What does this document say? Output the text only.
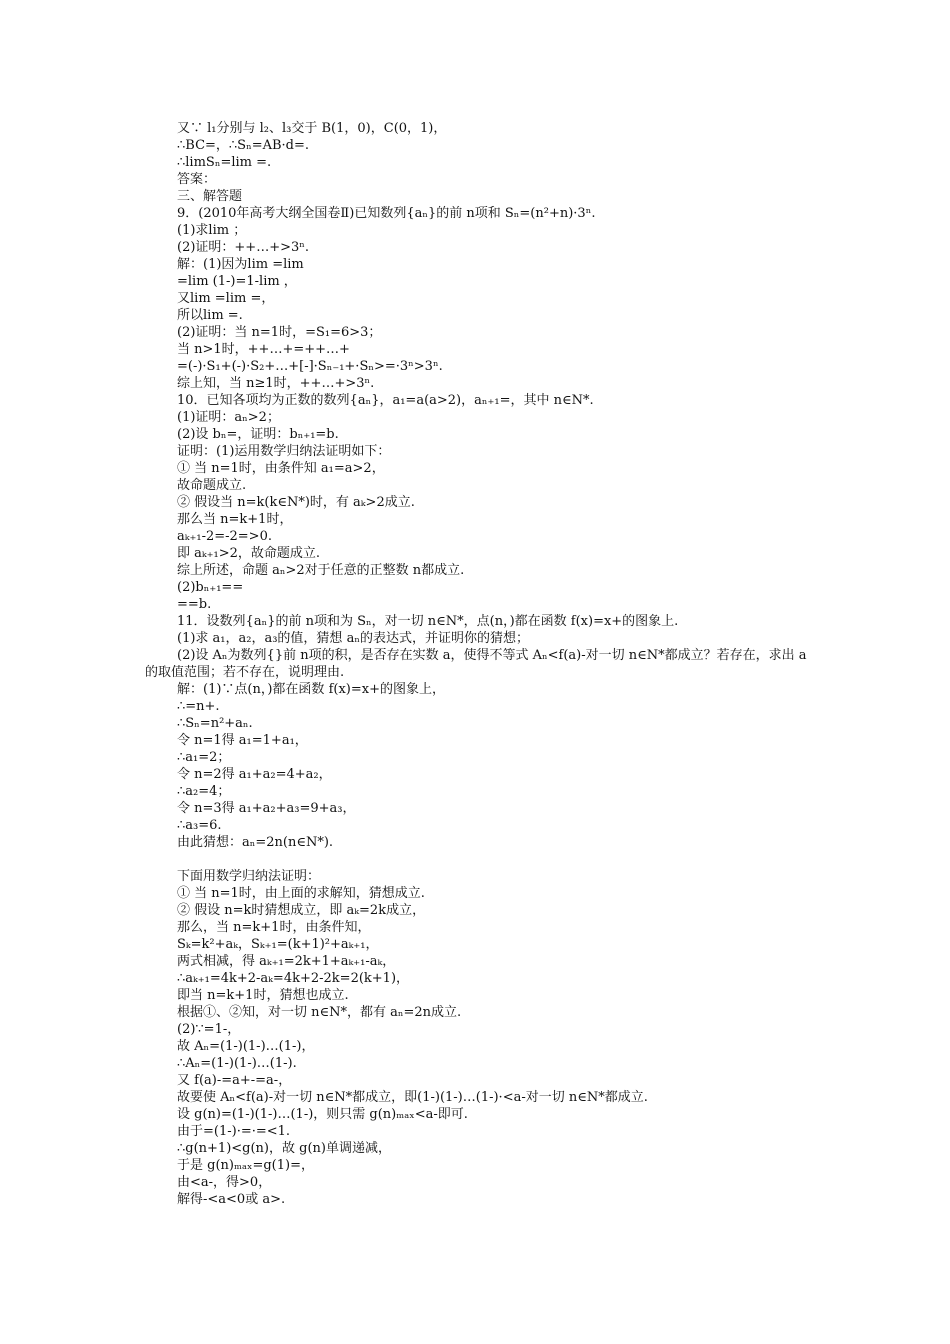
又∵ l₁分别与 l₂、l₃交于 B(1，0)，C(0，1)，

∴BC=，∴Sₙ=AB·d=.

∴limSₙ=lim =.

答案：

三、解答题

9．(2010年高考大纲全国卷Ⅱ)已知数列{aₙ}的前 n项和 Sₙ=(n²+n)·3ⁿ.

(1)求lim ；

(2)证明：++…+>3ⁿ.

解：(1)因为lim =lim

=lim (1-)=1-lim ，

又lim =lim =，

所以lim =.

(2)证明：当 n=1时，=S₁=6>3；

当 n>1时，++…+=++…+

=(-)·S₁+(-)·S₂+…+[-]·Sₙ₋₁+·Sₙ>=·3ⁿ>3ⁿ.

综上知，当 n≥1时，++…+>3ⁿ.

10．已知各项均为正数的数列{aₙ}，a₁=a(a>2)，aₙ₊₁=，其中 n∈N*.

(1)证明：aₙ>2；

(2)设 bₙ=，证明：bₙ₊₁=b.

证明：(1)运用数学归纳法证明如下：

① 当 n=1时，由条件知 a₁=a>2，

故命题成立.

② 假设当 n=k(k∈N*)时，有 aₖ>2成立.

那么当 n=k+1时，

aₖ₊₁-2=-2=>0.

即 aₖ₊₁>2，故命题成立.

综上所述，命题 aₙ>2对于任意的正整数 n都成立.

(2)bₙ₊₁==

==b.

11．设数列{aₙ}的前 n项和为 Sₙ，对一切 n∈N*，点(n，)都在函数 f(x)=x+的图象上.

(1)求 a₁，a₂，a₃的值，猜想 aₙ的表达式，并证明你的猜想；

(2)设 Aₙ为数列{}前 n项的积，是否存在实数 a，使得不等式 Aₙ<f(a)-对一切 n∈N*都成立？若存在，求出 a的取值范围；若不存在，说明理由.

解：(1)∵点(n，)都在函数 f(x)=x+的图象上，

∴=n+.

∴Sₙ=n²+aₙ.

令 n=1得 a₁=1+a₁，

∴a₁=2；

令 n=2得 a₁+a₂=4+a₂，

∴a₂=4；

令 n=3得 a₁+a₂+a₃=9+a₃，

∴a₃=6.

由此猜想：aₙ=2n(n∈N*).

下面用数学归纳法证明：

① 当 n=1时，由上面的求解知，猜想成立.

② 假设 n=k时猜想成立，即 aₖ=2k成立，

那么，当 n=k+1时，由条件知，

Sₖ=k²+aₖ，Sₖ₊₁=(k+1)²+aₖ₊₁，

两式相减，得 aₖ₊₁=2k+1+aₖ₊₁-aₖ，

∴aₖ₊₁=4k+2-aₖ=4k+2-2k=2(k+1)，

即当 n=k+1时，猜想也成立.

根据①、②知，对一切 n∈N*，都有 aₙ=2n成立.

(2)∵=1-，

故 Aₙ=(1-)(1-)…(1-)，

∴Aₙ=(1-)(1-)…(1-).

又 f(a)-=a+-=a-，

故要使 Aₙ<f(a)-对一切 n∈N*都成立，即(1-)(1-)…(1-)·<a-对一切 n∈N*都成立.

设 g(n)=(1-)(1-)…(1-)，则只需 g(n)ₘₐₓ<a-即可.

由于=(1-)·=·=<1.

∴g(n+1)<g(n)，故 g(n)单调递减，

于是 g(n)ₘₐₓ=g(1)=，

由<a-，得>0，

解得-<a<0或 a>.
